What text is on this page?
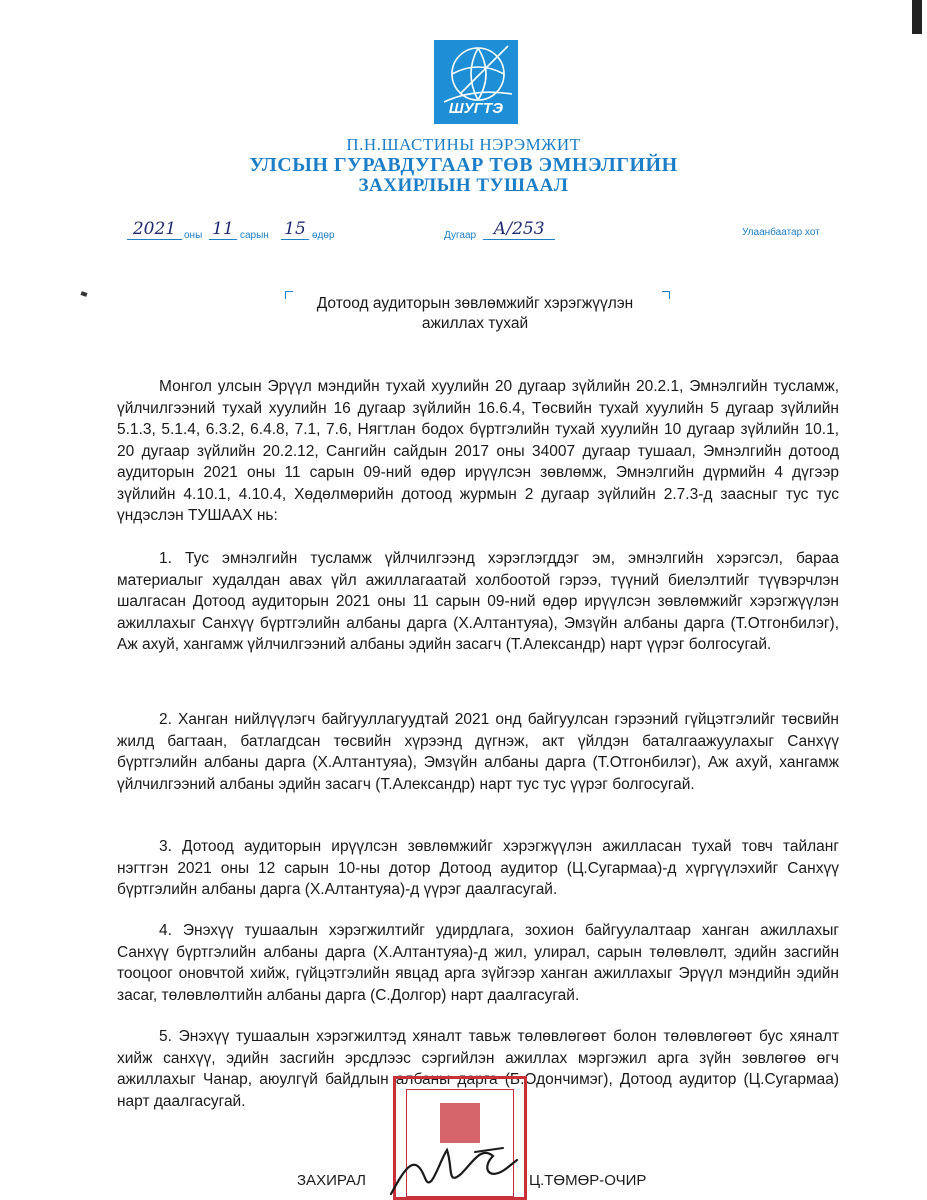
ШУГТЭ
П.Н.ШАСТИНЫ НЭРЭМЖИТ
УЛСЫН ГУРАВДУГААР ТӨВ ЭМНЭЛГИЙН
ЗАХИРЛЫН ТУШААЛ
2021 оны 11 сарын 15 өдөр	Дугаар	А/253	Улаанбаатар хот
Дотоод аудиторын зөвлөмжийг хэрэгжүүлэн
ажиллах тухай

Монгол улсын Эрүүл мэндийн тухай хуулийн 20 дугаар зүйлийн 20.2.1, Эмнэлгийн тусламж, үйлчилгээний тухай хуулийн 16 дугаар зүйлийн 16.6.4, Төсвийн тухай хуулийн 5 дугаар зүйлийн 5.1.3, 5.1.4, 6.3.2, 6.4.8, 7.1, 7.6, Нягтлан бодох бүртгэлийн тухай хуулийн 10 дугаар зүйлийн 10.1, 20 дугаар зүйлийн 20.2.12, Сангийн сайдын 2017 оны 34007 дугаар тушаал, Эмнэлгийн дотоод аудиторын 2021 оны 11 сарын 09-ний өдөр ирүүлсэн зөвлөмж, Эмнэлгийн дүрмийн 4 дүгээр зүйлийн 4.10.1, 4.10.4, Хөдөлмөрийн дотоод журмын 2 дугаар зүйлийн 2.7.3-д заасныг тус тус үндэслэн ТУШААХ нь:

1. Тус эмнэлгийн тусламж үйлчилгээнд хэрэглэгддэг эм, эмнэлгийн хэрэгсэл, бараа материалыг худалдан авах үйл ажиллагаатай холбоотой гэрээ, түүний биелэлтийг түүвэрчлэн шалгасан Дотоод аудиторын 2021 оны 11 сарын 09-ний өдөр ирүүлсэн зөвлөмжийг хэрэгжүүлэн ажиллахыг Санхүү бүртгэлийн албаны дарга (Х.Алтантуяа), Эмзүйн албаны дарга (Т.Отгонбилэг), Аж ахуй, хангамж үйлчилгээний албаны эдийн засагч (Т.Александр) нарт үүрэг болгосугай.

2. Ханган нийлүүлэгч байгууллагуудтай 2021 онд байгуулсан гэрээний гүйцэтгэлийг төсвийн жилд багтаан, батлагдсан төсвийн хүрээнд дүгнэж, акт үйлдэн баталгаажуулахыг Санхүү бүртгэлийн албаны дарга (Х.Алтантуяа), Эмзүйн албаны дарга (Т.Отгонбилэг), Аж ахуй, хангамж үйлчилгээний албаны эдийн засагч (Т.Александр) нарт тус тус үүрэг болгосугай.

3. Дотоод аудиторын ирүүлсэн зөвлөмжийг хэрэгжүүлэн ажилласан тухай товч тайланг нэгтгэн 2021 оны 12 сарын 10-ны дотор Дотоод аудитор (Ц.Сугармаа)-д хүргүүлэхийг Санхүү бүртгэлийн албаны дарга (Х.Алтантуяа)-д үүрэг даалгасугай.

4. Энэхүү тушаалын хэрэгжилтийг удирдлага, зохион байгуулалтаар ханган ажиллахыг Санхүү бүртгэлийн албаны дарга (Х.Алтантуяа)-д жил, улирал, сарын төлөвлөлт, эдийн засгийн тооцоог оновчтой хийж, гүйцэтгэлийн явцад арга зүйгээр ханган ажиллахыг Эрүүл мэндийн эдийн засаг, төлөвлөлтийн албаны дарга (С.Долгор) нарт даалгасугай.

5. Энэхүү тушаалын хэрэгжилтэд хяналт тавьж төлөвлөгөөт болон төлөвлөгөөт бус хяналт хийж санхүү, эдийн засгийн эрсдлээс сэргийлэн ажиллах мэргэжил арга зүйн зөвлөгөө өгч ажиллахыг Чанар, аюулгүй байдлын албаны дарга (Б.Одончимэг), Дотоод аудитор (Ц.Сугармаа) нарт даалгасугай.

ЗАХИРАЛ	Ц.ТӨМӨР-ОЧИР
